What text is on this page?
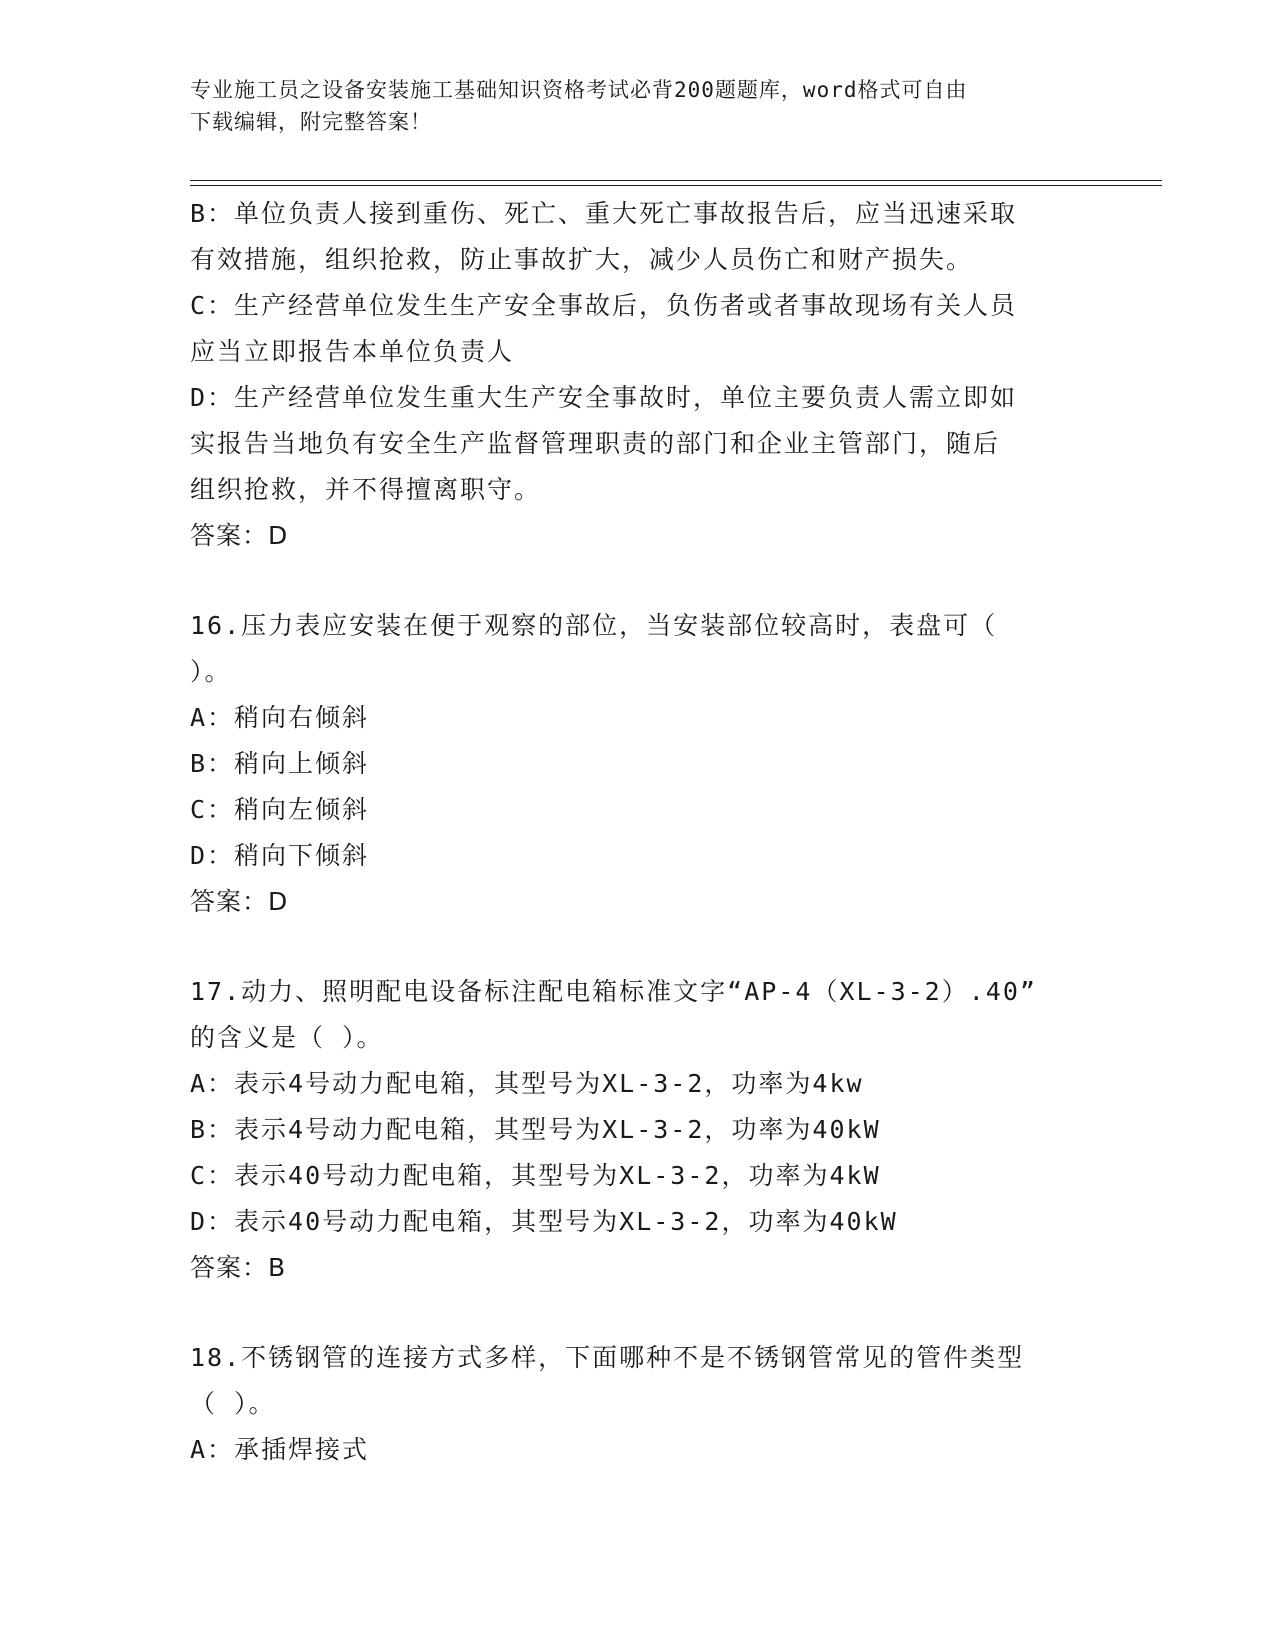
专业施工员之设备安装施工基础知识资格考试必背200题题库，word格式可自由
下载编辑，附完整答案！
B：单位负责人接到重伤、死亡、重大死亡事故报告后，应当迅速采取
有效措施，组织抢救，防止事故扩大，减少人员伤亡和财产损失。
C：生产经营单位发生生产安全事故后，负伤者或者事故现场有关人员
应当立即报告本单位负责人
D：生产经营单位发生重大生产安全事故时，单位主要负责人需立即如
实报告当地负有安全生产监督管理职责的部门和企业主管部门，随后
组织抢救，并不得擅离职守。
答案：D
16.压力表应安装在便于观察的部位，当安装部位较高时，表盘可（
）。
A：稍向右倾斜
B：稍向上倾斜
C：稍向左倾斜
D：稍向下倾斜
答案：D
17.动力、照明配电设备标注配电箱标准文字“AP-4（XL-3-2）.40”
的含义是（ ）。
A：表示4号动力配电箱，其型号为XL-3-2，功率为4kw
B：表示4号动力配电箱，其型号为XL-3-2，功率为40kW
C：表示40号动力配电箱，其型号为XL-3-2，功率为4kW
D：表示40号动力配电箱，其型号为XL-3-2，功率为40kW
答案：B
18.不锈钢管的连接方式多样，下面哪种不是不锈钢管常见的管件类型
（ ）。
A：承插焊接式
